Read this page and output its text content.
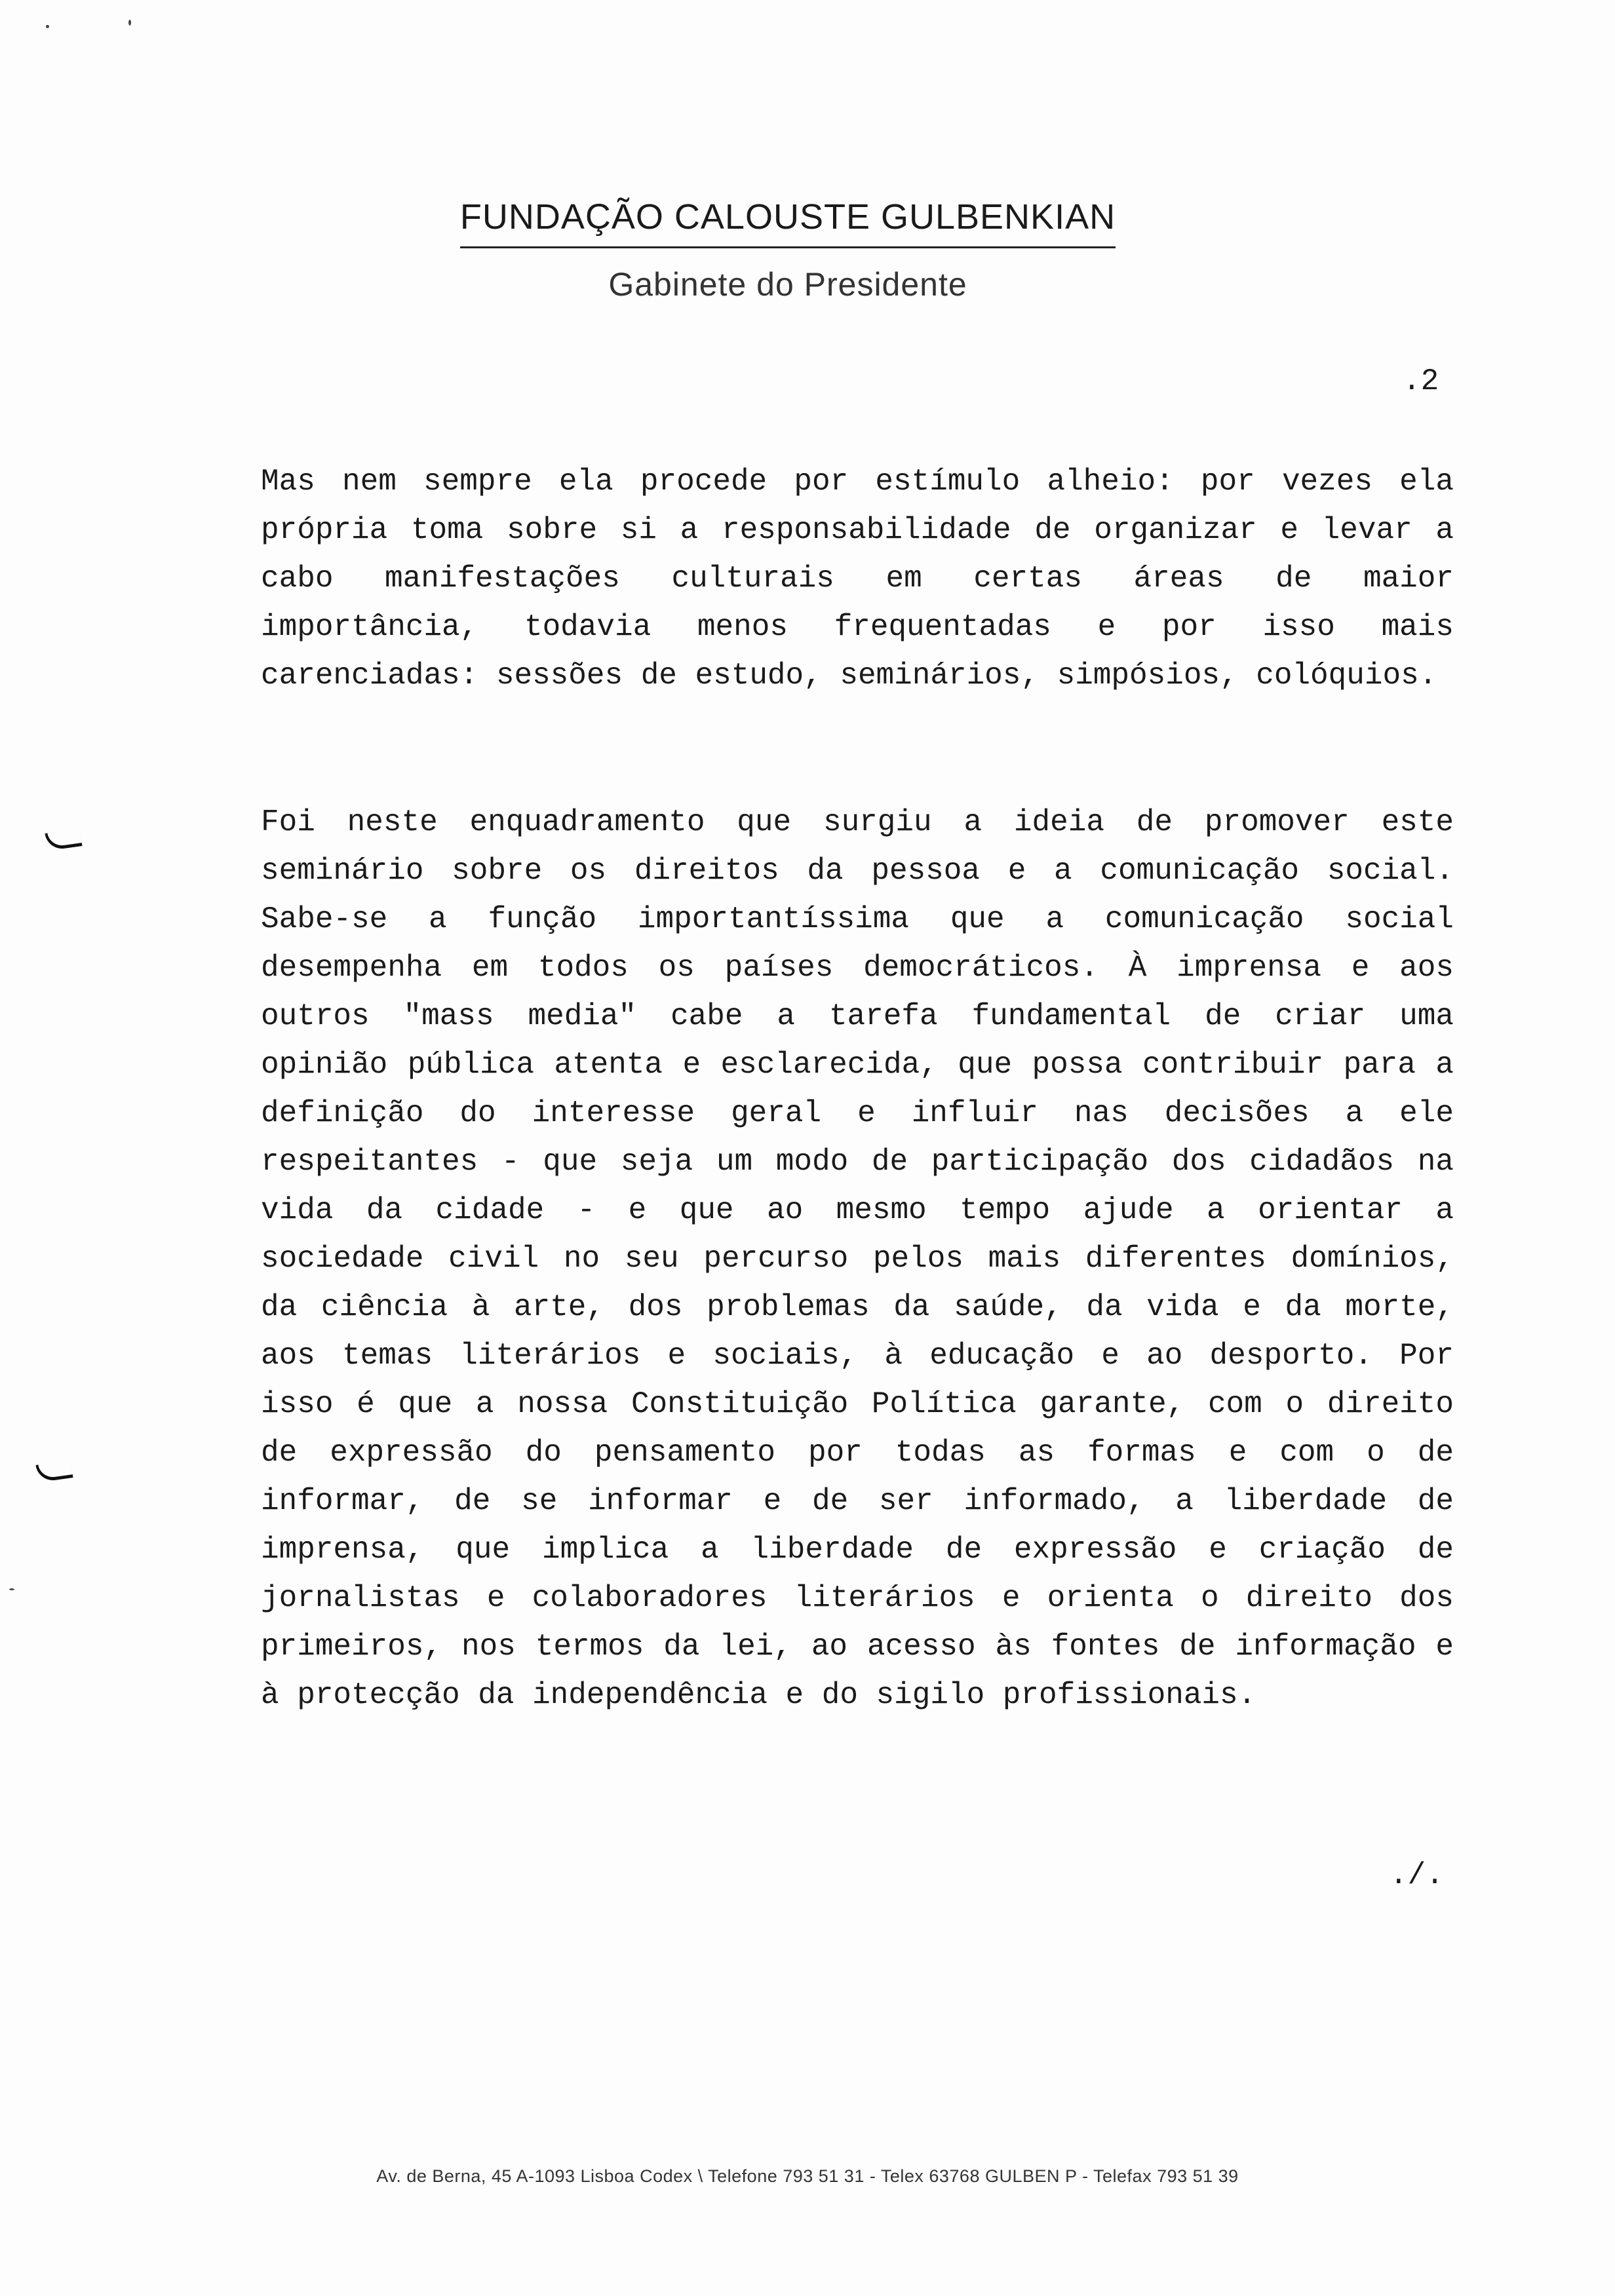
FUNDAÇÃO CALOUSTE GULBENKIAN
Gabinete do Presidente
.2

Mas nem sempre ela procede por estímulo alheio: por vezes ela própria toma sobre si a responsabilidade de organizar e levar a cabo manifestações culturais em certas áreas de maior importância, todavia menos frequentadas e por isso mais carenciadas: sessões de estudo, seminários, simpósios, colóquios.

Foi neste enquadramento que surgiu a ideia de promover este seminário sobre os direitos da pessoa e a comunicação social. Sabe-se a função importantíssima que a comunicação social desempenha em todos os países democráticos. À imprensa e aos outros "mass media" cabe a tarefa fundamental de criar uma opinião pública atenta e esclarecida, que possa contribuir para a definição do interesse geral e influir nas decisões a ele respeitantes - que seja um modo de participação dos cidadãos na vida da cidade - e que ao mesmo tempo ajude a orientar a sociedade civil no seu percurso pelos mais diferentes domínios, da ciência à arte, dos problemas da saúde, da vida e da morte, aos temas literários e sociais, à educação e ao desporto. Por isso é que a nossa Constituição Política garante, com o direito de expressão do pensamento por todas as formas e com o de informar, de se informar e de ser informado, a liberdade de imprensa, que implica a liberdade de expressão e criação de jornalistas e colaboradores literários e orienta o direito dos primeiros, nos termos da lei, ao acesso às fontes de informação e à protecção da independência e do sigilo profissionais.

./.
Av. de Berna, 45 A-1093 Lisboa Codex \ Telefone 793 51 31 - Telex 63768 GULBEN P - Telefax 793 51 39
